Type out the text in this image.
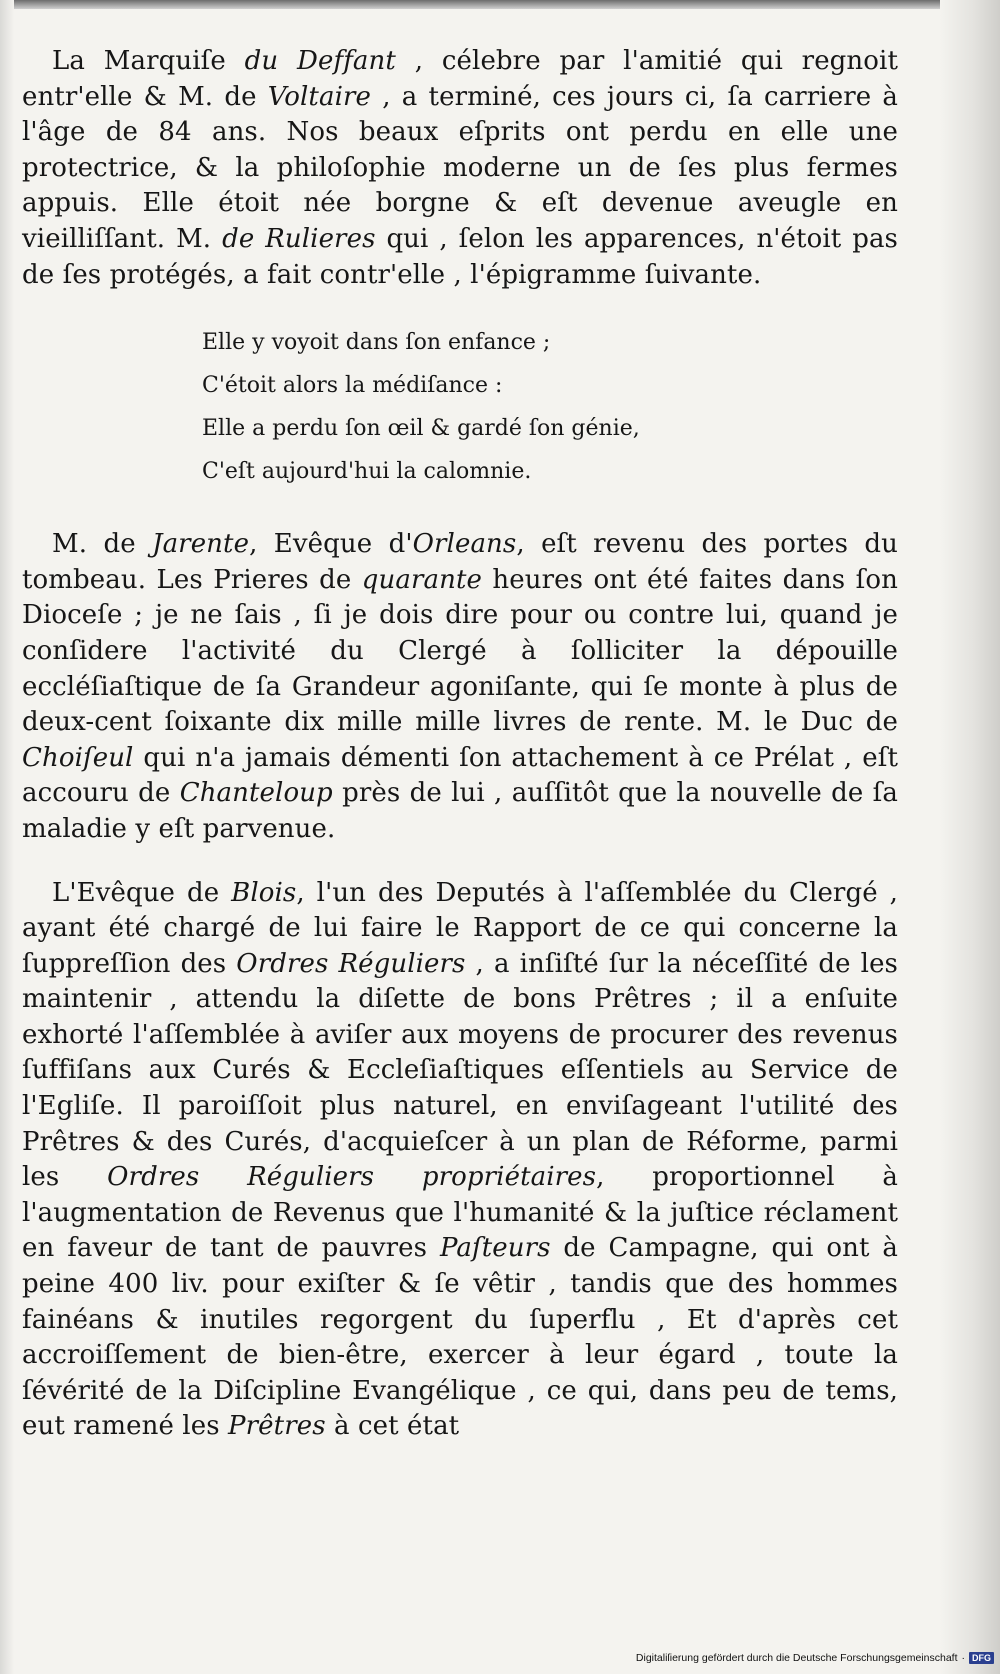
La Marquiſe du Deffant , célebre par l'amitié qui regnoit entr'elle & M. de Voltaire , a terminé, ces jours ci, ſa carriere à l'âge de 84 ans. Nos beaux eſprits ont perdu en elle une protectrice, & la philoſophie moderne un de ſes plus fermes appuis. Elle étoit née borgne & eſt devenue aveugle en vieilliſſant. M. de Rulieres qui , ſelon les apparences, n'étoit pas de ſes protégés, a fait contr'elle , l'épigramme ſuivante.

Elle y voyoit dans ſon enfance ;
C'étoit alors la médiſance :
Elle a perdu ſon œil & gardé ſon génie,
C'eſt aujourd'hui la calomnie.

M. de Jarente, Evêque d'Orleans, eſt revenu des portes du tombeau. Les Prieres de quarante heures ont été faites dans ſon Dioceſe ; je ne ſais , ſi je dois dire pour ou contre lui, quand je conſidere l'activité du Clergé à ſolliciter la dépouille eccléſiaſtique de ſa Grandeur agoniſante, qui ſe monte à plus de deux-cent ſoixante dix mille mille livres de rente. M. le Duc de Choiſeul qui n'a jamais démenti ſon attachement à ce Prélat , eſt accouru de Chanteloup près de lui , auſſitôt que la nouvelle de ſa maladie y eſt parvenue.

L'Evêque de Blois, l'un des Deputés à l'aſſemblée du Clergé , ayant été chargé de lui faire le Rapport de ce qui concerne la ſuppreſſion des Ordres Réguliers , a inſiſté ſur la néceſſité de les maintenir , attendu la diſette de bons Prêtres ; il a enſuite exhorté l'aſſemblée à aviſer aux moyens de procurer des revenus ſuffiſans aux Curés & Eccleſiaſtiques eſſentiels au Service de l'Egliſe. Il paroiſſoit plus naturel, en enviſageant l'utilité des Prêtres & des Curés, d'acquieſcer à un plan de Réforme, parmi les Ordres Réguliers propriétaires, proportionnel à l'augmentation de Revenus que l'humanité & la juſtice réclament en faveur de tant de pauvres Paſteurs de Campagne, qui ont à peine 400 liv. pour exiſter & ſe vêtir , tandis que des hommes fainéans & inutiles regorgent du ſuperflu , Et d'après cet accroiſſement de bien-être, exercer à leur égard , toute la ſévérité de la Diſcipline Evangélique , ce qui, dans peu de tems, eut ramené les Prêtres à cet état

Digitaliſierung gefördert durch die Deutsche Forschungsgemeinschaft · DFG
